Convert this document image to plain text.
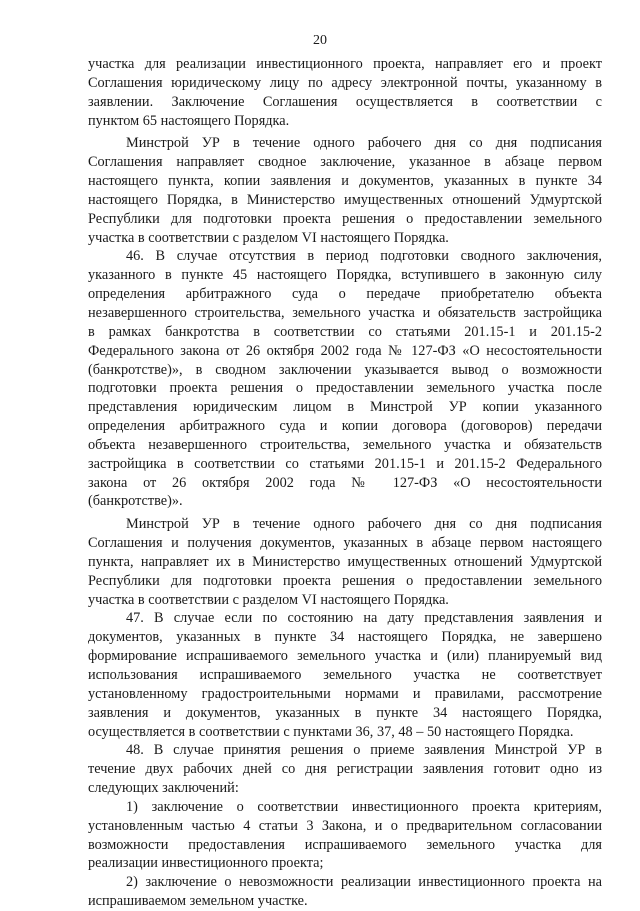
20
участка для реализации инвестиционного проекта, направляет его и проект
Соглашения юридическому лицу по адресу электронной почты, указанному в
заявлении. Заключение Соглашения осуществляется в соответствии с
пунктом 65 настоящего Порядка.
Минстрой УР в течение одного рабочего дня со дня подписания
Соглашения направляет сводное заключение, указанное в абзаце первом
настоящего пункта, копии заявления и документов, указанных в пункте 34
настоящего Порядка, в Министерство имущественных отношений Удмуртской
Республики для подготовки проекта решения о предоставлении земельного
участка в соответствии с разделом VI настоящего Порядка.
46. В случае отсутствия в период подготовки сводного заключения,
указанного в пункте 45 настоящего Порядка, вступившего в законную силу
определения арбитражного суда о передаче приобретателю объекта
незавершенного строительства, земельного участка и обязательств застройщика
в рамках банкротства в соответствии со статьями 201.15-1 и 201.15-2
Федерального закона от 26 октября 2002 года № 127-ФЗ «О несостоятельности
(банкротстве)», в сводном заключении указывается вывод о возможности
подготовки проекта решения о предоставлении земельного участка после
представления юридическим лицом в Минстрой УР копии указанного
определения арбитражного суда и копии договора (договоров) передачи
объекта незавершенного строительства, земельного участка и обязательств
застройщика в соответствии со статьями 201.15-1 и 201.15-2 Федерального
закона от 26 октября 2002 года № 127-ФЗ «О несостоятельности
(банкротстве)».
Минстрой УР в течение одного рабочего дня со дня подписания
Соглашения и получения документов, указанных в абзаце первом настоящего
пункта, направляет их в Министерство имущественных отношений Удмуртской
Республики для подготовки проекта решения о предоставлении земельного
участка в соответствии с разделом VI настоящего Порядка.
47. В случае если по состоянию на дату представления заявления и
документов, указанных в пункте 34 настоящего Порядка, не завершено
формирование испрашиваемого земельного участка и (или) планируемый вид
использования испрашиваемого земельного участка не соответствует
установленному градостроительными нормами и правилами, рассмотрение
заявления и документов, указанных в пункте 34 настоящего Порядка,
осуществляется в соответствии с пунктами 36, 37, 48 – 50 настоящего Порядка.
48. В случае принятия решения о приеме заявления Минстрой УР в
течение двух рабочих дней со дня регистрации заявления готовит одно из
следующих заключений:
1) заключение о соответствии инвестиционного проекта критериям,
установленным частью 4 статьи 3 Закона, и о предварительном согласовании
возможности предоставления испрашиваемого земельного участка для
реализации инвестиционного проекта;
2) заключение о невозможности реализации инвестиционного проекта на
испрашиваемом земельном участке.
